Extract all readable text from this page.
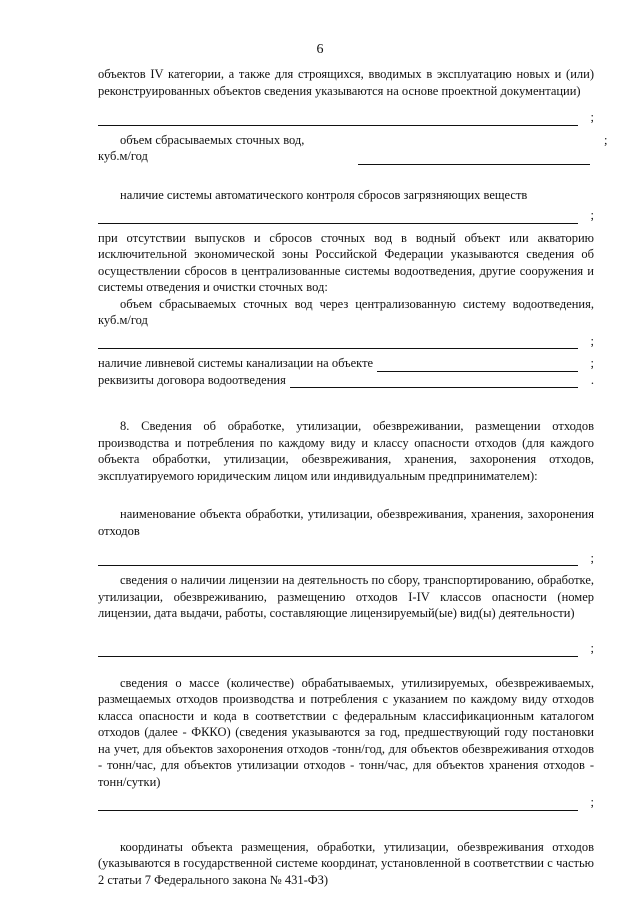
6

объектов IV категории, а также для строящихся, вводимых в эксплуатацию новых и (или) реконструированных объектов сведения указываются на основе проектной документации)

;
объем сбрасываемых сточных вод,	;
куб.м/год

наличие системы автоматического контроля сбросов загрязняющих веществ

;

при отсутствии выпусков и сбросов сточных вод в водный объект или акваторию исключительной экономической зоны Российской Федерации указываются сведения об осуществлении сбросов в централизованные системы водоотведения, другие сооружения и системы отведения и очистки сточных вод:

объем сбрасываемых сточных вод через централизованную систему водоотведения, куб.м/год

;
наличие ливневой системы канализации на объекте	;
реквизиты договора водоотведения	.

8. Сведения об обработке, утилизации, обезвреживании, размещении отходов производства и потребления по каждому виду и классу опасности отходов (для каждого объекта обработки, утилизации, обезвреживания, хранения, захоронения отходов, эксплуатируемого юридическим лицом или индивидуальным предпринимателем):

наименование объекта обработки, утилизации, обезвреживания, хранения, захоронения отходов

;

сведения о наличии лицензии на деятельность по сбору, транспортированию, обработке, утилизации, обезвреживанию, размещению отходов I-IV классов опасности (номер лицензии, дата выдачи, работы, составляющие лицензируемый(ые) вид(ы) деятельности)

;

сведения о массе (количестве) обрабатываемых, утилизируемых, обезвреживаемых, размещаемых отходов производства и потребления с указанием по каждому виду отходов класса опасности и кода в соответствии с федеральным классификационным каталогом отходов (далее - ФККО) (сведения указываются за год, предшествующий году постановки на учет, для объектов захоронения отходов -тонн/год, для объектов обезвреживания отходов - тонн/час, для объектов утилизации отходов - тонн/час, для объектов хранения отходов - тонн/сутки)

;

координаты объекта размещения, обработки, утилизации, обезвреживания отходов (указываются в государственной системе координат, установленной в соответствии с частью 2 статьи 7 Федерального закона № 431-ФЗ)
